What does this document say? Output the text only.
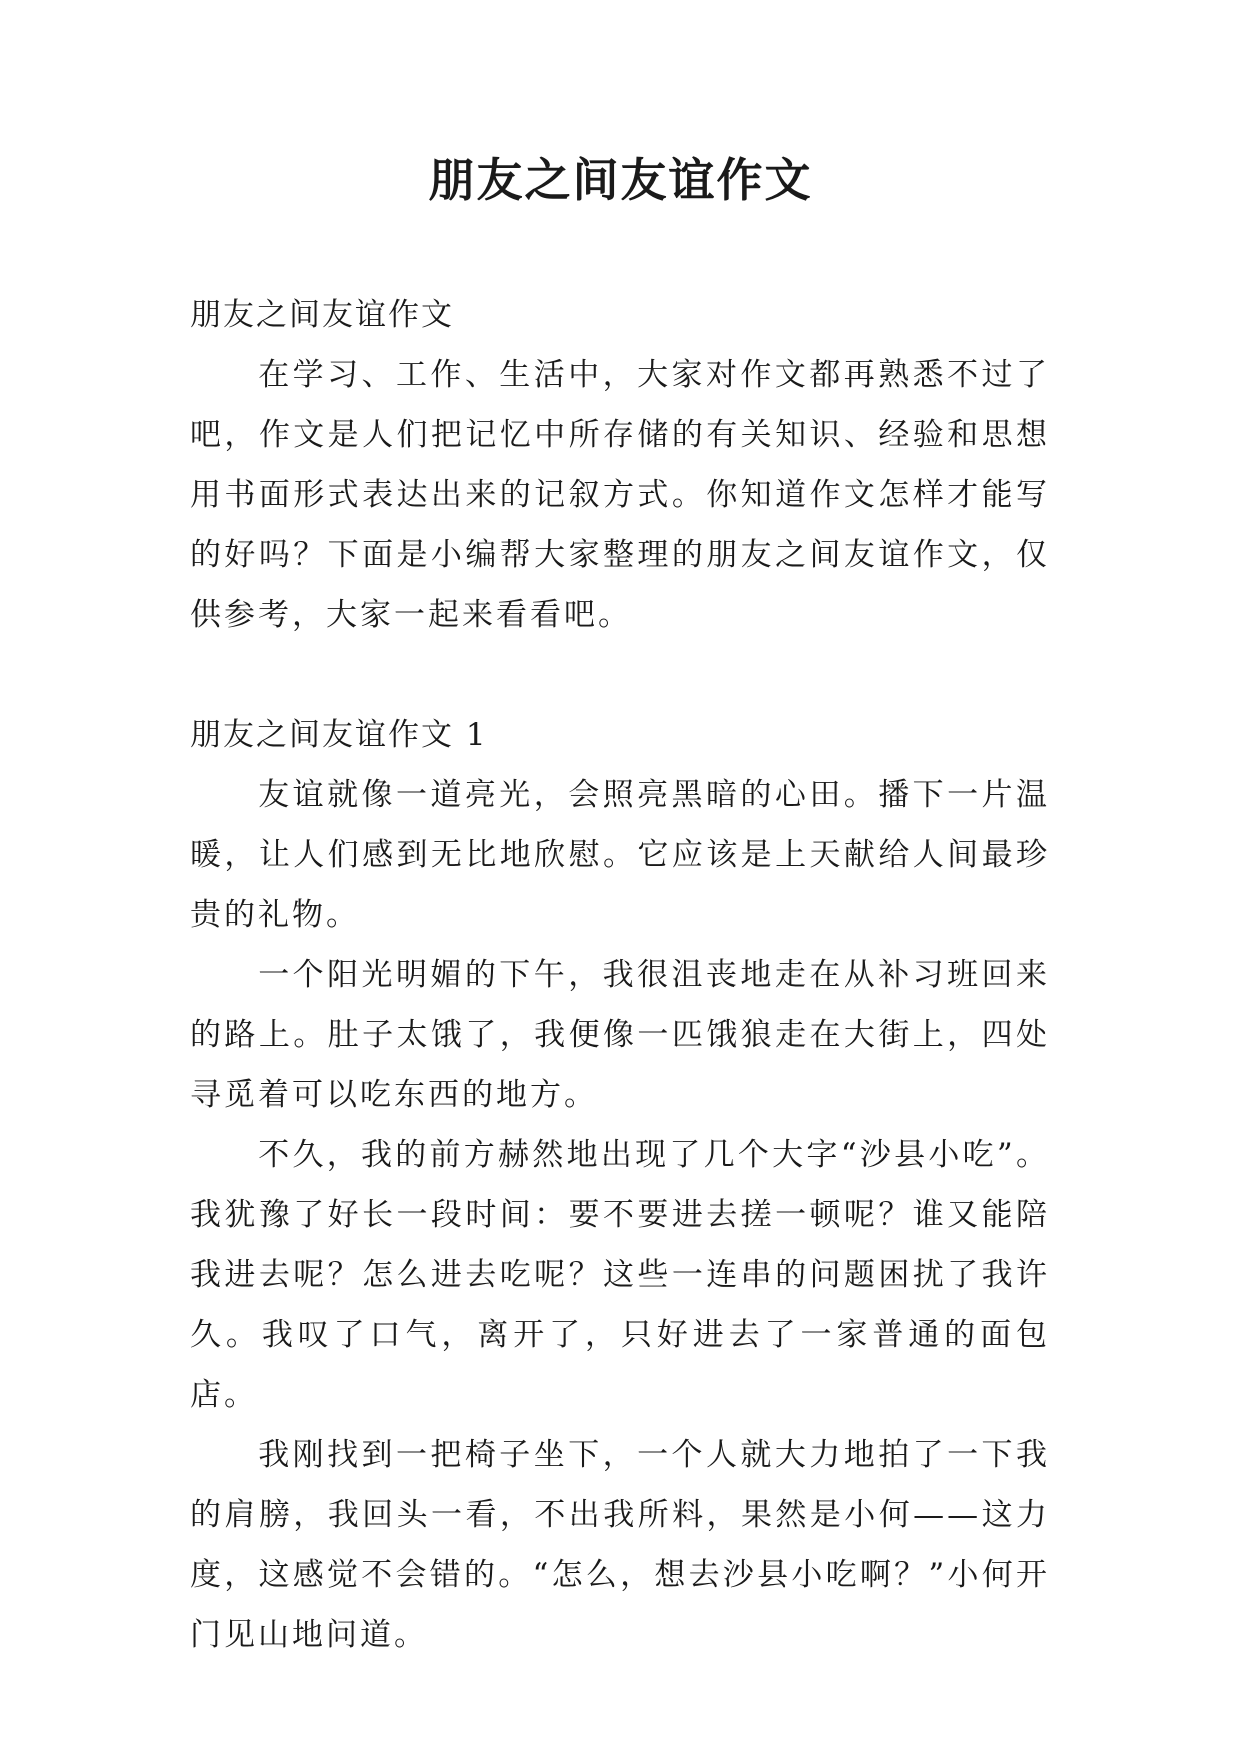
朋友之间友谊作文
朋友之间友谊作文

在学习、工作、生活中，大家对作文都再熟悉不过了吧，作文是人们把记忆中所存储的有关知识、经验和思想用书面形式表达出来的记叙方式。你知道作文怎样才能写的好吗？下面是小编帮大家整理的朋友之间友谊作文，仅供参考，大家一起来看看吧。

朋友之间友谊作文 1

友谊就像一道亮光，会照亮黑暗的心田。播下一片温暖，让人们感到无比地欣慰。它应该是上天献给人间最珍贵的礼物。

一个阳光明媚的下午，我很沮丧地走在从补习班回来的路上。肚子太饿了，我便像一匹饿狼走在大街上，四处寻觅着可以吃东西的地方。

不久，我的前方赫然地出现了几个大字“沙县小吃”。我犹豫了好长一段时间：要不要进去搓一顿呢？谁又能陪我进去呢？怎么进去吃呢？这些一连串的问题困扰了我许久。我叹了口气，离开了，只好进去了一家普通的面包店。

我刚找到一把椅子坐下，一个人就大力地拍了一下我的肩膀，我回头一看，不出我所料，果然是小何——这力度，这感觉不会错的。“怎么，想去沙县小吃啊？”小何开门见山地问道。
